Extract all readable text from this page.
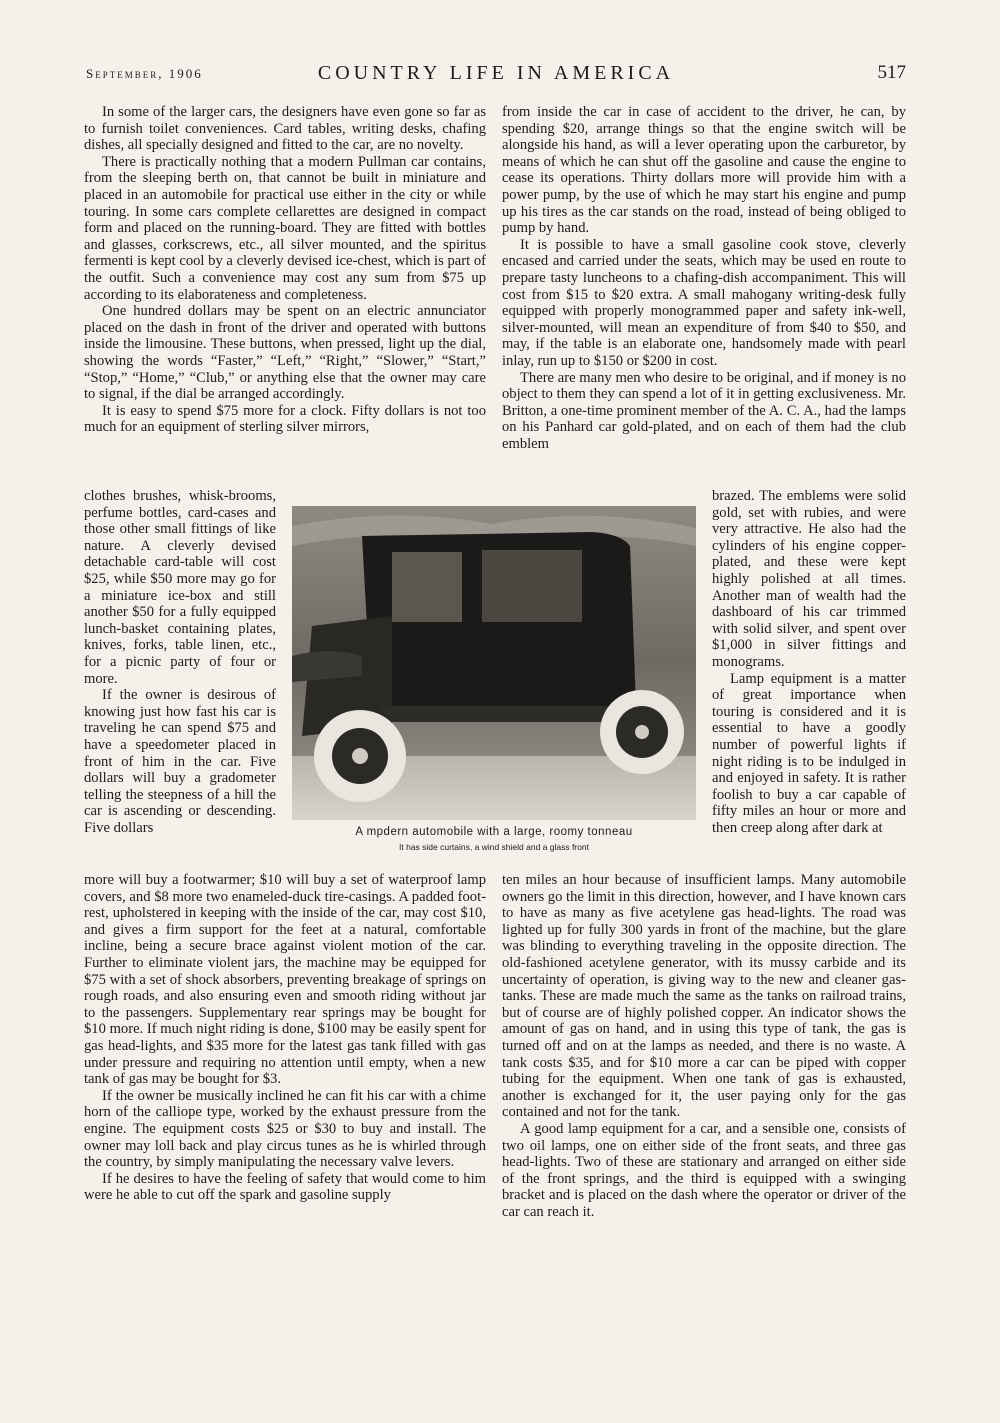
September, 1906	COUNTRY LIFE IN AMERICA	517

In some of the larger cars, the designers have even gone so far as to furnish toilet conveniences. Card tables, writing desks, chafing dishes, all specially designed and fitted to the car, are no novelty.

There is practically nothing that a modern Pullman car contains, from the sleeping berth on, that cannot be built in miniature and placed in an automobile for practical use either in the city or while touring. In some cars complete cellarettes are designed in compact form and placed on the running-board. They are fitted with bottles and glasses, corkscrews, etc., all silver mounted, and the spiritus fermenti is kept cool by a cleverly devised ice-chest, which is part of the outfit. Such a convenience may cost any sum from $75 up according to its elaborateness and completeness.

One hundred dollars may be spent on an electric annunciator placed on the dash in front of the driver and operated with buttons inside the limousine. These buttons, when pressed, light up the dial, showing the words “Faster,” “Left,” “Right,” “Slower,” “Start,” “Stop,” “Home,” “Club,” or anything else that the owner may care to signal, if the dial be arranged accordingly.

It is easy to spend $75 more for a clock. Fifty dollars is not too much for an equipment of sterling silver mirrors,

clothes brushes, whisk-brooms, perfume bottles, card-cases and those other small fittings of like nature. A cleverly devised detachable card-table will cost $25, while $50 more may go for a miniature ice-box and still another $50 for a fully equipped lunch-basket containing plates, knives, forks, table linen, etc., for a picnic party of four or more.

If the owner is desirous of knowing just how fast his car is traveling he can spend $75 and have a speedometer placed in front of him in the car. Five dollars will buy a gradometer telling the steepness of a hill the car is ascending or descending. Five dollars

more will buy a footwarmer; $10 will buy a set of waterproof lamp covers, and $8 more two enameled-duck tire-casings. A padded foot-rest, upholstered in keeping with the inside of the car, may cost $10, and gives a firm support for the feet at a natural, comfortable incline, being a secure brace against violent motion of the car. Further to eliminate violent jars, the machine may be equipped for $75 with a set of shock absorbers, preventing breakage of springs on rough roads, and also ensuring even and smooth riding without jar to the passengers. Supplementary rear springs may be bought for $10 more. If much night riding is done, $100 may be easily spent for gas head-lights, and $35 more for the latest gas tank filled with gas under pressure and requiring no attention until empty, when a new tank of gas may be bought for $3.

If the owner be musically inclined he can fit his car with a chime horn of the calliope type, worked by the exhaust pressure from the engine. The equipment costs $25 or $30 to buy and install. The owner may loll back and play circus tunes as he is whirled through the country, by simply manipulating the necessary valve levers.

If he desires to have the feeling of safety that would come to him were he able to cut off the spark and gasoline supply

from inside the car in case of accident to the driver, he can, by spending $20, arrange things so that the engine switch will be alongside his hand, as will a lever operating upon the carburetor, by means of which he can shut off the gasoline and cause the engine to cease its operations. Thirty dollars more will provide him with a power pump, by the use of which he may start his engine and pump up his tires as the car stands on the road, instead of being obliged to pump by hand.

It is possible to have a small gasoline cook stove, cleverly encased and carried under the seats, which may be used en route to prepare tasty luncheons to a chafing-dish accompaniment. This will cost from $15 to $20 extra. A small mahogany writing-desk fully equipped with properly monogrammed paper and safety ink-well, silver-mounted, will mean an expenditure of from $40 to $50, and may, if the table is an elaborate one, handsomely made with pearl inlay, run up to $150 or $200 in cost.

There are many men who desire to be original, and if money is no object to them they can spend a lot of it in getting exclusiveness. Mr. Britton, a one-time prominent member of the A. C. A., had the lamps on his Panhard car gold-plated, and on each of them had the club emblem

brazed. The emblems were solid gold, set with rubies, and were very attractive. He also had the cylinders of his engine copper-plated, and these were kept highly polished at all times. Another man of wealth had the dashboard of his car trimmed with solid silver, and spent over $1,000 in silver fittings and monograms.

Lamp equipment is a matter of great importance when touring is considered and it is essential to have a goodly number of powerful lights if night riding is to be indulged in and enjoyed in safety. It is rather foolish to buy a car capable of fifty miles an hour or more and then creep along after dark at

ten miles an hour because of insufficient lamps. Many automobile owners go the limit in this direction, however, and I have known cars to have as many as five acetylene gas head-lights. The road was lighted up for fully 300 yards in front of the machine, but the glare was blinding to everything traveling in the opposite direction. The old-fashioned acetylene generator, with its mussy carbide and its uncertainty of operation, is giving way to the new and cleaner gas-tanks. These are made much the same as the tanks on railroad trains, but of course are of highly polished copper. An indicator shows the amount of gas on hand, and in using this type of tank, the gas is turned off and on at the lamps as needed, and there is no waste. A tank costs $35, and for $10 more a car can be piped with copper tubing for the equipment. When one tank of gas is exhausted, another is exchanged for it, the user paying only for the gas contained and not for the tank.

A good lamp equipment for a car, and a sensible one, consists of two oil lamps, one on either side of the front seats, and three gas head-lights. Two of these are stationary and arranged on either side of the front springs, and the third is equipped with a swinging bracket and is placed on the dash where the operator or driver of the car can reach it.

A mpdern automobile with a large, roomy tonneau
It has side curtains, a wind shield and a glass front
